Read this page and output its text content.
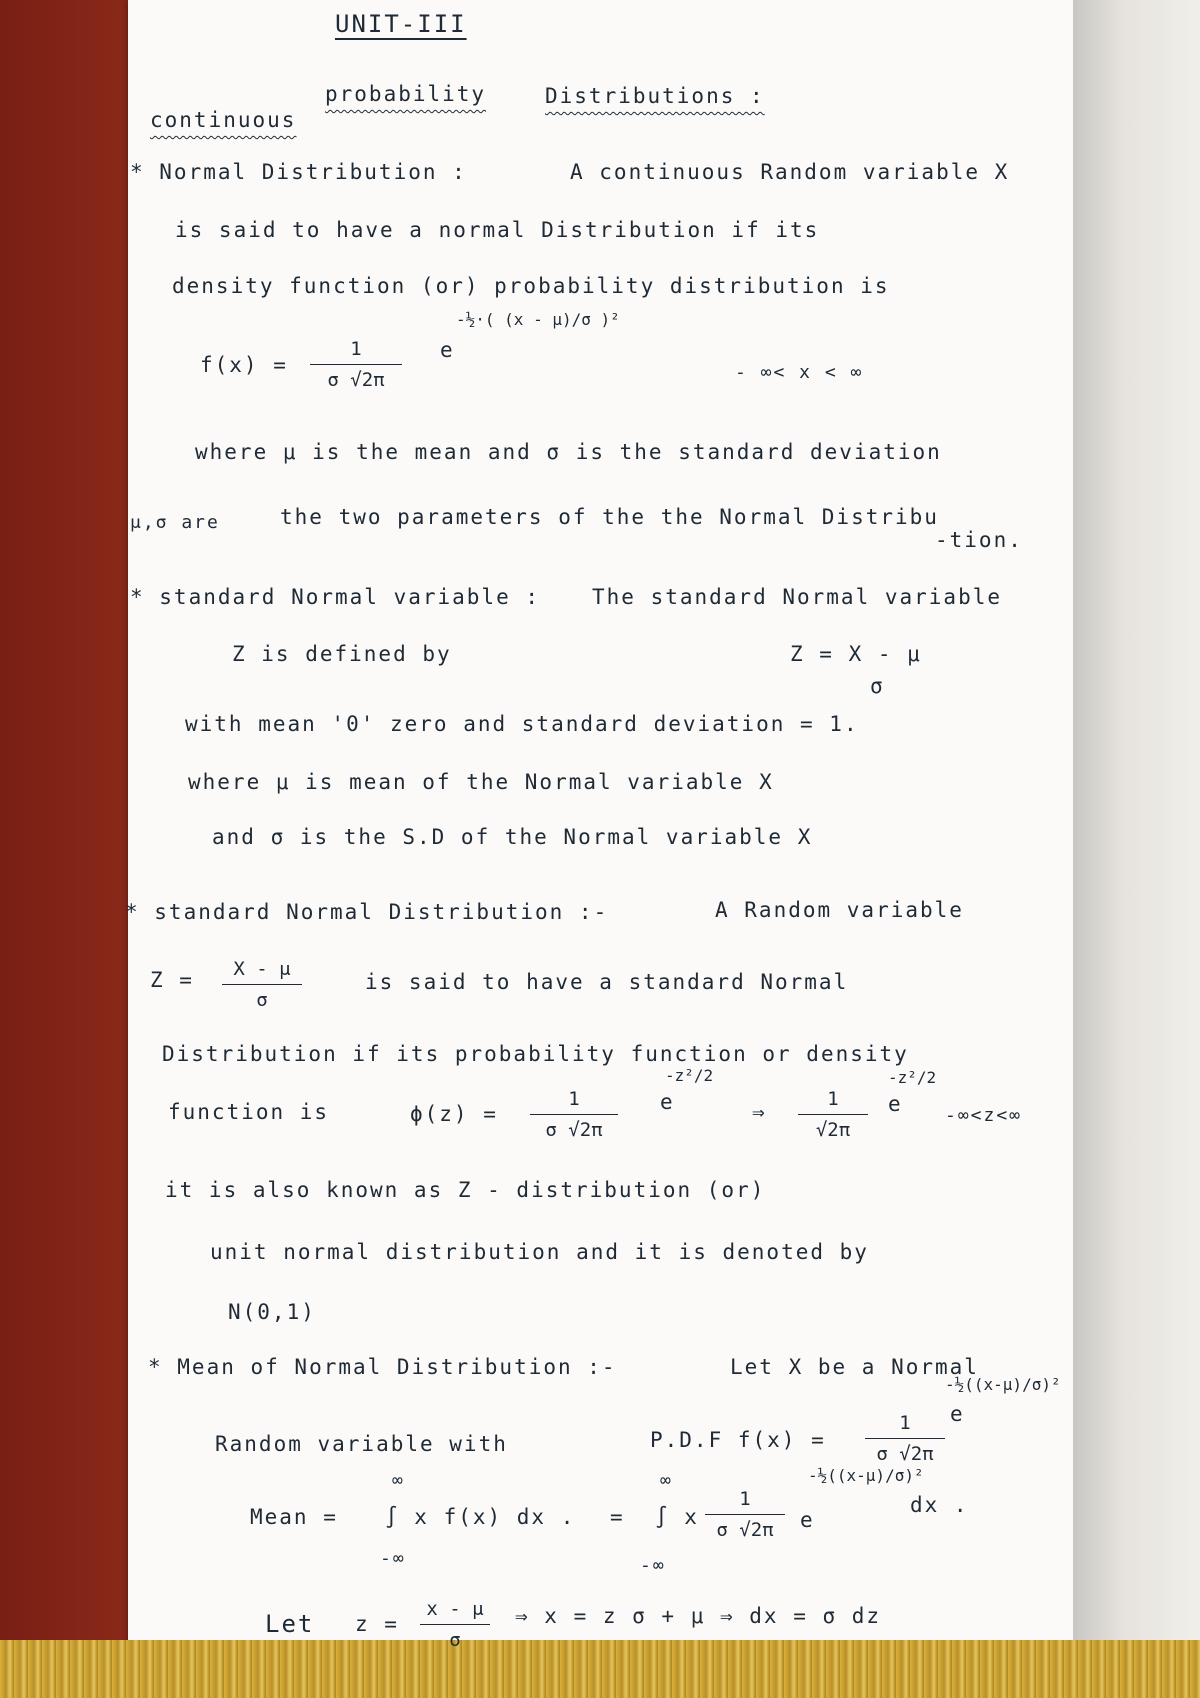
UNIT-III
continuous
probability	Distributions :
* Normal Distribution :	A continuous Random variable X
is said to have a normal Distribution if its
density function (or) probability distribution is
f(x) =
1
σ √2π
e
-½·( (x - μ)/σ )²
- ∞< x < ∞
where μ is the mean and σ is the standard deviation
μ,σ are	the two parameters of the the Normal Distribu
-tion.
* standard Normal variable : The standard Normal variable
Z is defined by	Z = X - μ
σ
with mean '0' zero and standard deviation = 1.
where μ is mean of the Normal variable X
and σ is the S.D of the Normal variable X
* standard Normal Distribution :-	A Random variable
Z = X - μ
σ
is said to have a standard Normal
Distribution if its probability function or density
function is	ϕ(z) =
1
σ √2π
e
-z²/2
⇒
1
√2π
e
-z²/2
-∞<z<∞
it is also known as Z - distribution (or)
unit normal distribution and it is denoted by
N(0,1)
* Mean of Normal Distribution :-	Let X be a Normal
e
-½((x-μ)/σ)²
Random variable with	P.D.F f(x) =
1
σ √2π
Mean =
∞
-∞
∫ x f(x) dx . =
∞
-∞
∫ x
1
σ √2π e
-½((x-μ)/σ)²
dx .
Let z =
x - μ
σ
⇒ x = z σ + μ ⇒ dx = σ dz
